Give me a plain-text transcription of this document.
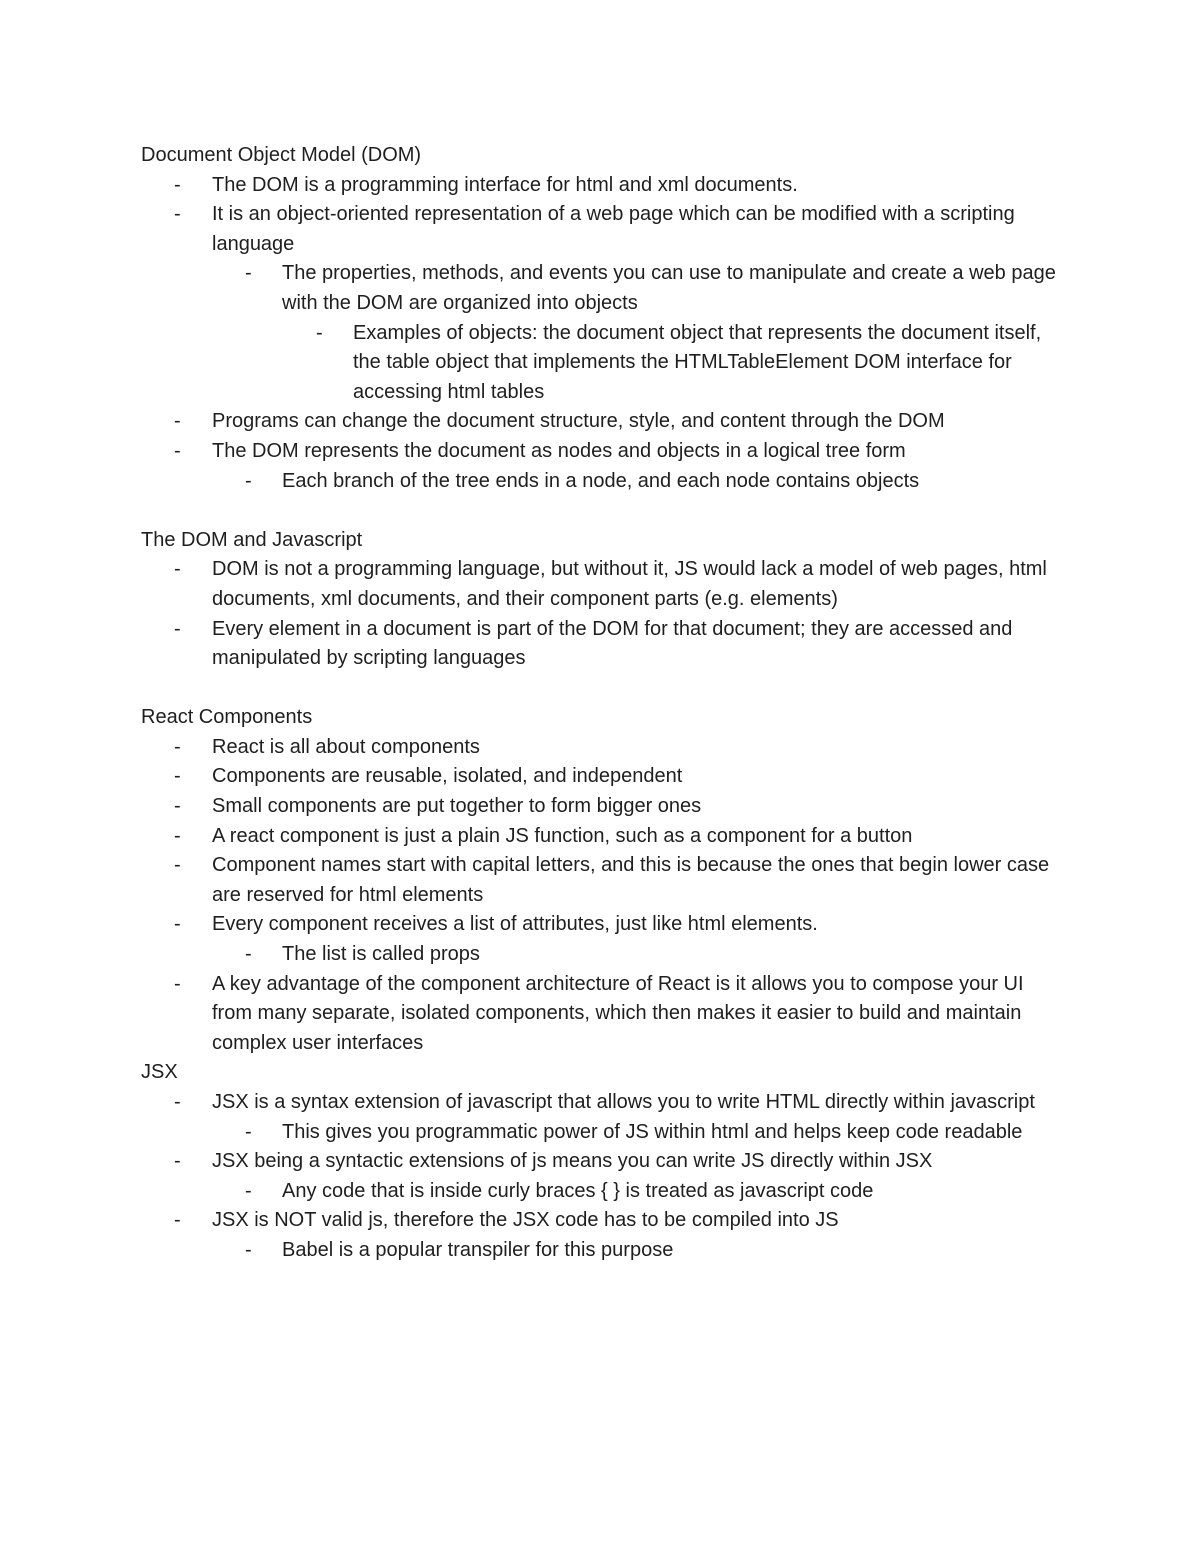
Document Object Model (DOM)

- The DOM is a programming interface for html and xml documents.
- It is an object-oriented representation of a web page which can be modified with a scripting language
- The properties, methods, and events you can use to manipulate and create a web page with the DOM are organized into objects
- Examples of objects: the document object that represents the document itself, the table object that implements the HTMLTableElement DOM interface for accessing html tables
- Programs can change the document structure, style, and content through the DOM
- The DOM represents the document as nodes and objects in a logical tree form
- Each branch of the tree ends in a node, and each node contains objects

The DOM and Javascript

- DOM is not a programming language, but without it, JS would lack a model of web pages, html documents, xml documents, and their component parts (e.g. elements)
- Every element in a document is part of the DOM for that document; they are accessed and manipulated by scripting languages

React Components

- React is all about components
- Components are reusable, isolated, and independent
- Small components are put together to form bigger ones
- A react component is just a plain JS function, such as a component for a button
- Component names start with capital letters, and this is because the ones that begin lower case are reserved for html elements
- Every component receives a list of attributes, just like html elements.
- The list is called props
- A key advantage of the component architecture of React is it allows you to compose your UI from many separate, isolated components, which then makes it easier to build and maintain complex user interfaces

JSX

- JSX is a syntax extension of javascript that allows you to write HTML directly within javascript
- This gives you programmatic power of JS within html and helps keep code readable
- JSX being a syntactic extensions of js means you can write JS directly within JSX
- Any code that is inside curly braces { } is treated as javascript code
- JSX is NOT valid js, therefore the JSX code has to be compiled into JS
- Babel is a popular transpiler for this purpose
